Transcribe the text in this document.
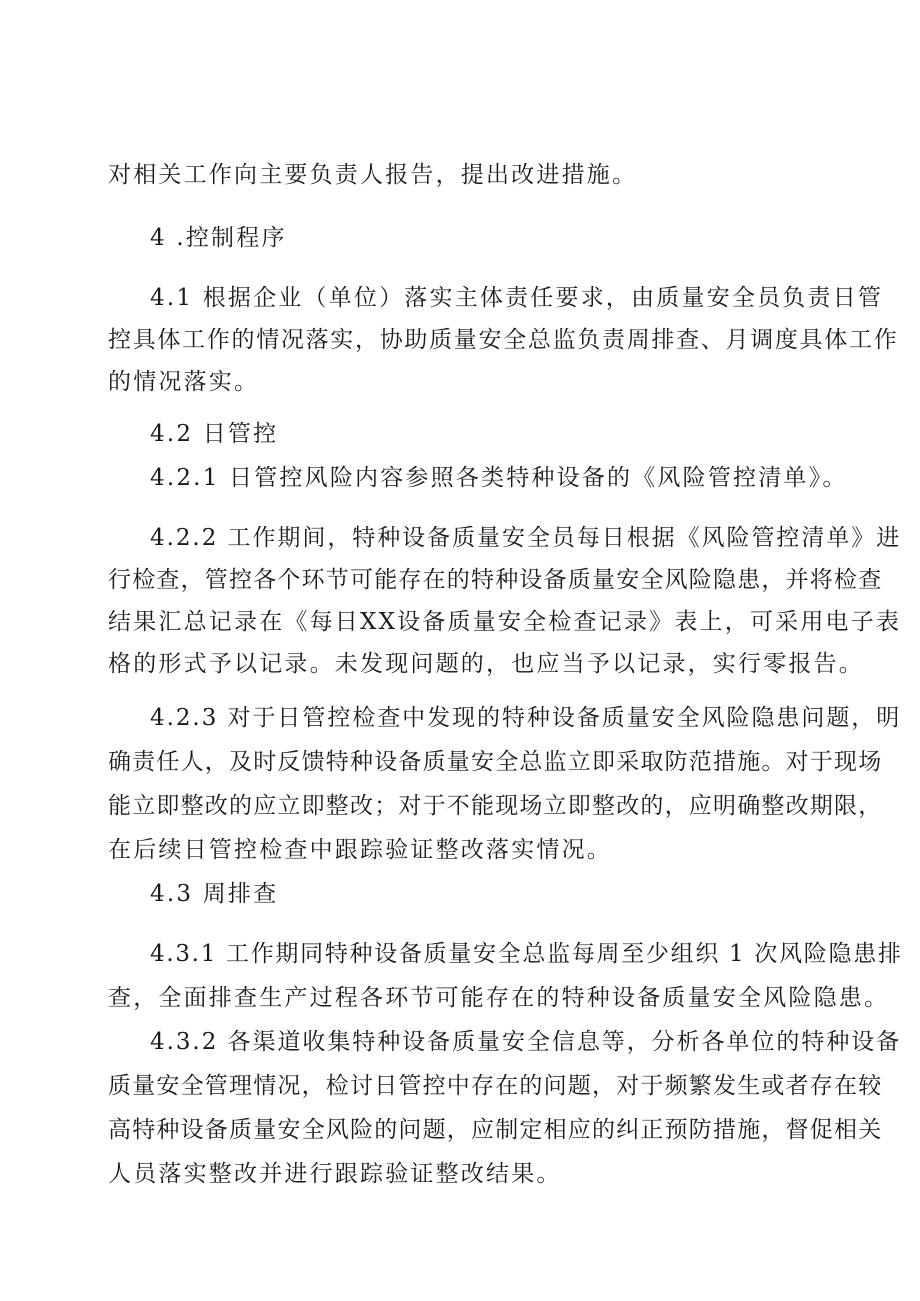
对相关工作向主要负责人报告，提出改进措施。

4 .控制程序

4.1 根据企业（单位）落实主体责任要求，由质量安全员负责日管

控具体工作的情况落实，协助质量安全总监负责周排查、月调度具体工作

的情况落实。

4.2 日管控

4.2.1 日管控风险内容参照各类特种设备的《风险管控清单》。

4.2.2 工作期间，特种设备质量安全员每日根据《风险管控清单》进

行检查，管控各个环节可能存在的特种设备质量安全风险隐患，并将检查

结果汇总记录在《每日XX设备质量安全检查记录》表上，可采用电子表

格的形式予以记录。未发现问题的，也应当予以记录，实行零报告。

4.2.3 对于日管控检查中发现的特种设备质量安全风险隐患问题，明

确责任人，及时反馈特种设备质量安全总监立即采取防范措施。对于现场

能立即整改的应立即整改；对于不能现场立即整改的，应明确整改期限，

在后续日管控检查中跟踪验证整改落实情况。

4.3 周排查

4.3.1 工作期同特种设备质量安全总监每周至少组织 1 次风险隐患排

查，全面排查生产过程各环节可能存在的特种设备质量安全风险隐患。

4.3.2 各渠道收集特种设备质量安全信息等，分析各单位的特种设备

质量安全管理情况，检讨日管控中存在的问题，对于频繁发生或者存在较

高特种设备质量安全风险的问题，应制定相应的纠正预防措施，督促相关

人员落实整改并进行跟踪验证整改结果。
